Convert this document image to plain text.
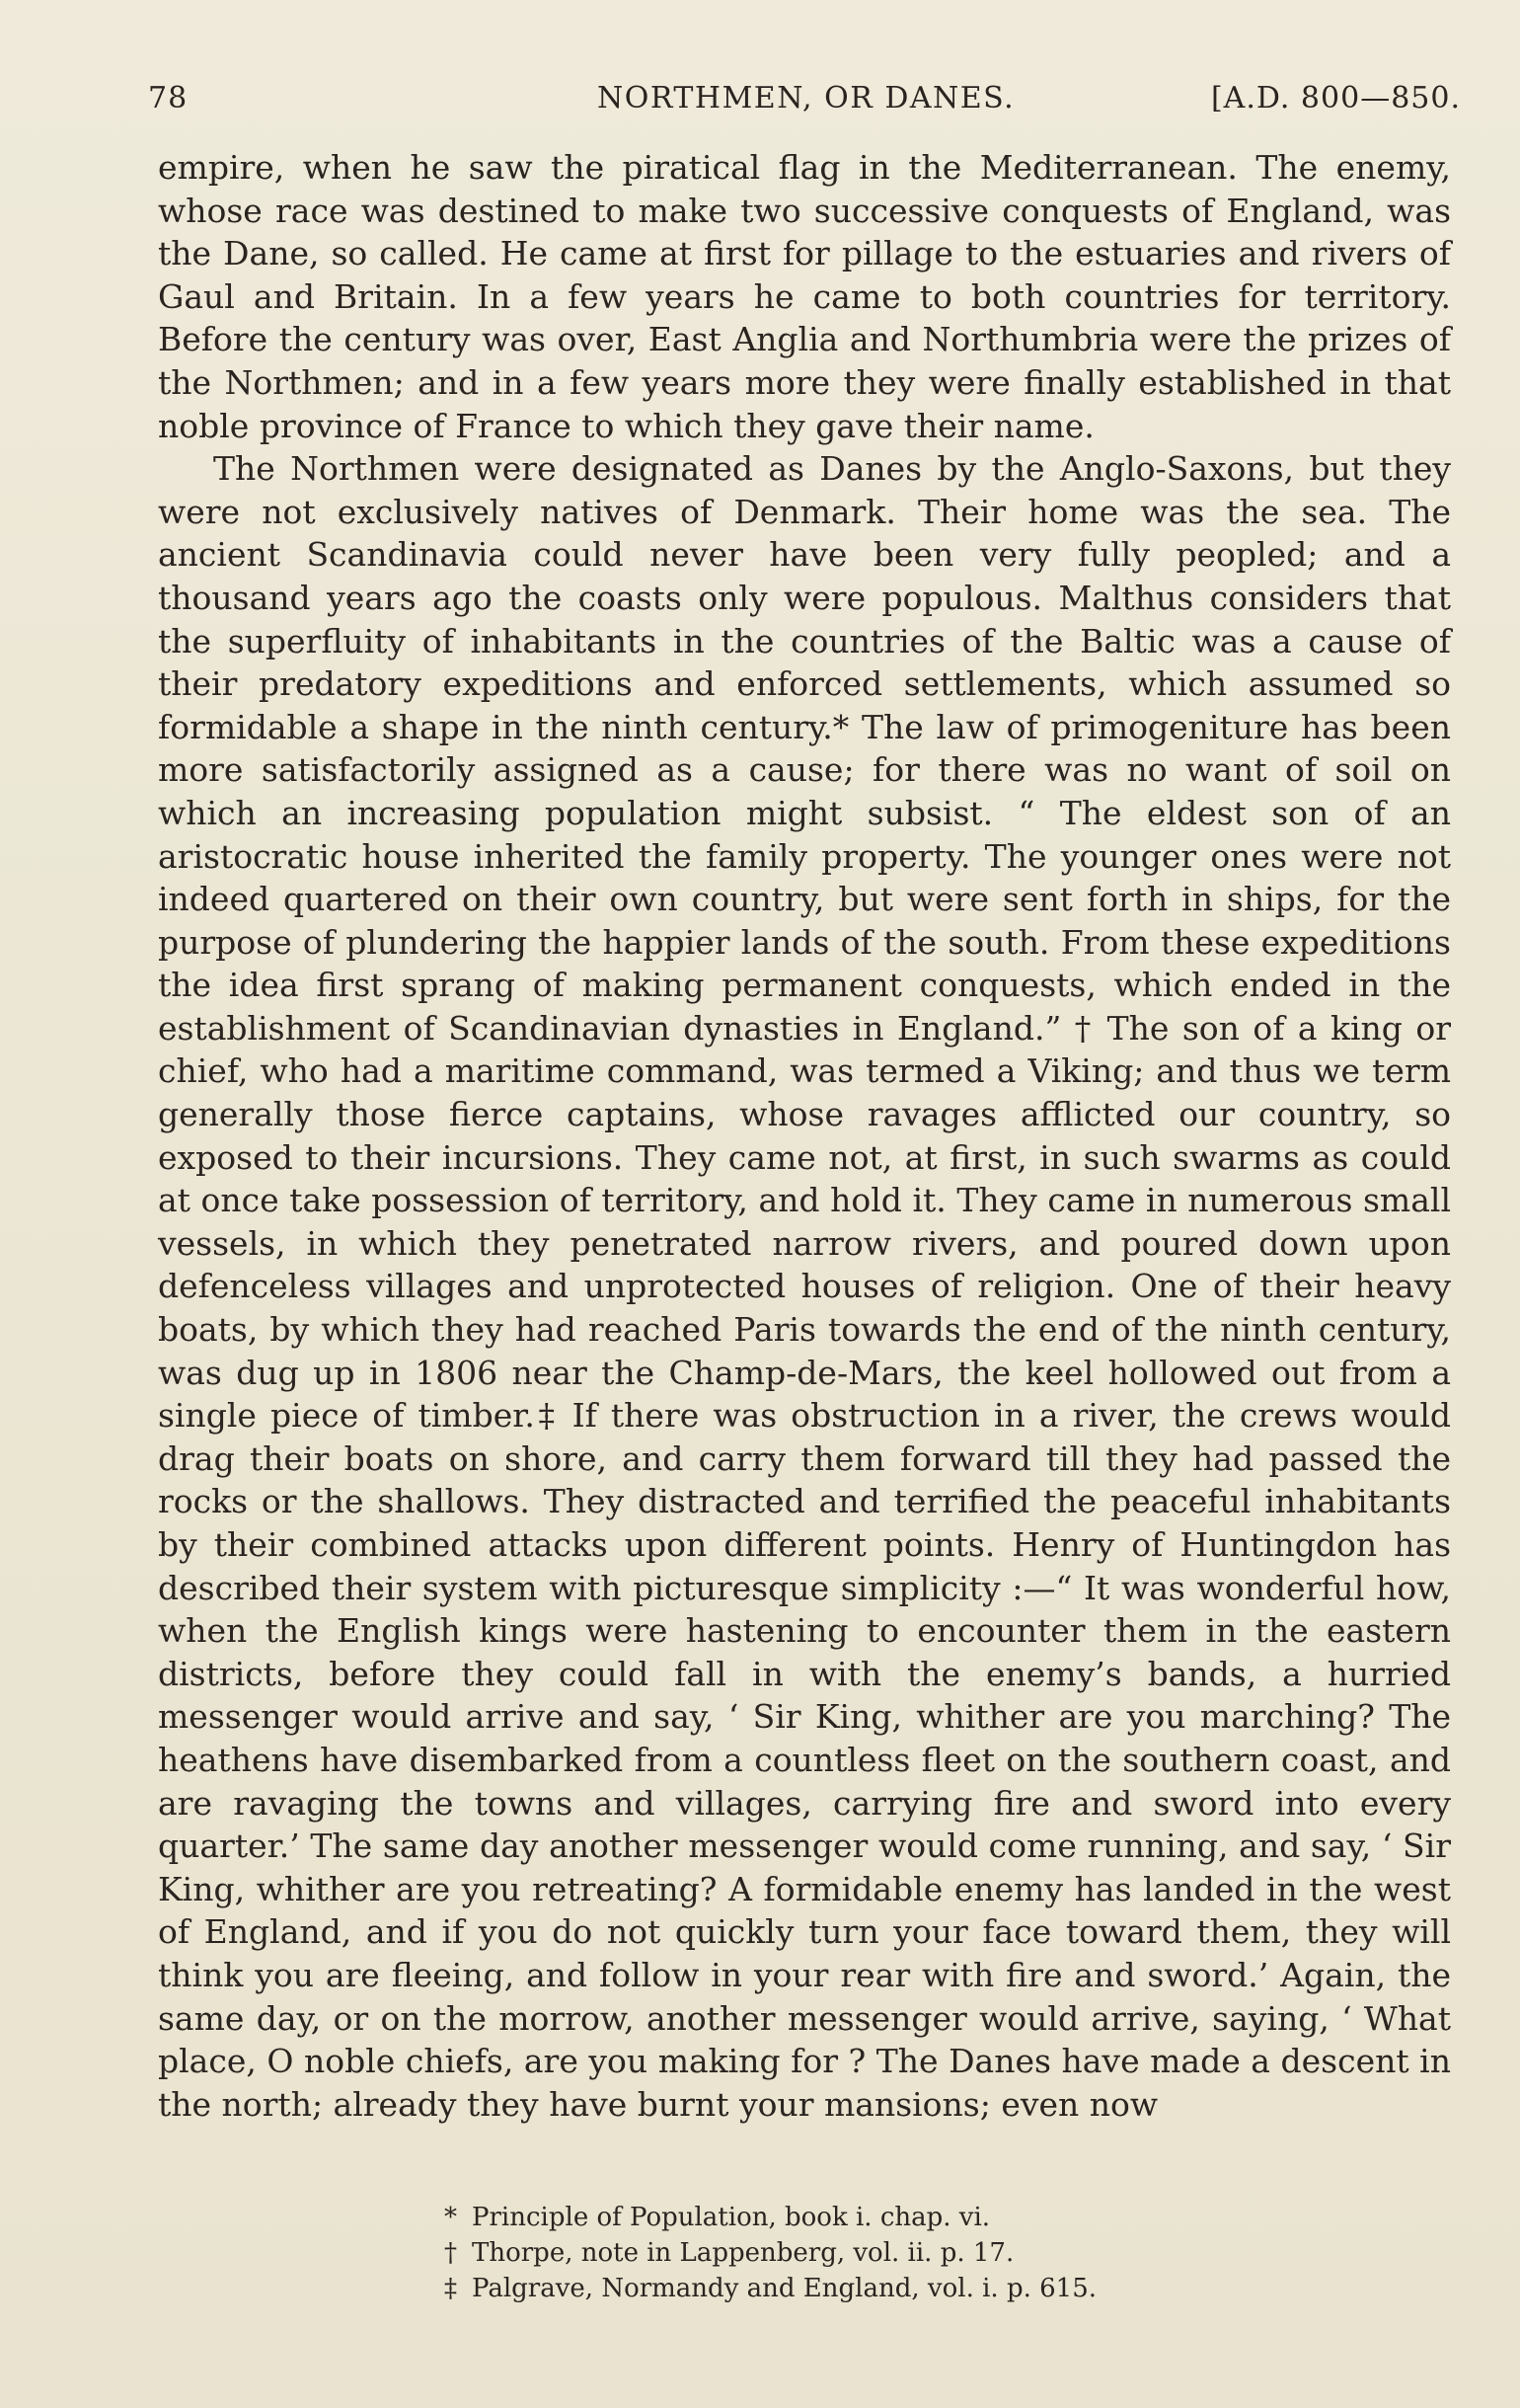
78	NORTHMEN, OR DANES.	[A.D. 800—850.

empire, when he saw the piratical flag in the Mediterranean. The enemy, whose race was destined to make two successive conquests of England, was the Dane, so called. He came at first for pillage to the estuaries and rivers of Gaul and Britain. In a few years he came to both countries for territory. Before the century was over, East Anglia and Northumbria were the prizes of the Northmen; and in a few years more they were finally established in that noble province of France to which they gave their name.

The Northmen were designated as Danes by the Anglo-Saxons, but they were not exclusively natives of Denmark. Their home was the sea. The ancient Scandinavia could never have been very fully peopled; and a thousand years ago the coasts only were populous. Malthus considers that the superfluity of inhabitants in the countries of the Baltic was a cause of their predatory expeditions and enforced settlements, which assumed so formidable a shape in the ninth century.* The law of primogeniture has been more satisfactorily assigned as a cause; for there was no want of soil on which an increasing population might subsist. “ The eldest son of an aristocratic house inherited the family property. The younger ones were not indeed quartered on their own country, but were sent forth in ships, for the purpose of plundering the happier lands of the south. From these expeditions the idea first sprang of making permanent conquests, which ended in the establishment of Scandinavian dynasties in England.” † The son of a king or chief, who had a maritime command, was termed a Viking; and thus we term generally those fierce captains, whose ravages afflicted our country, so exposed to their incursions. They came not, at first, in such swarms as could at once take possession of territory, and hold it. They came in numerous small vessels, in which they penetrated narrow rivers, and poured down upon defenceless villages and unprotected houses of religion. One of their heavy boats, by which they had reached Paris towards the end of the ninth century, was dug up in 1806 near the Champ-de-Mars, the keel hollowed out from a single piece of timber.‡ If there was obstruction in a river, the crews would drag their boats on shore, and carry them forward till they had passed the rocks or the shallows. They distracted and terrified the peaceful inhabitants by their combined attacks upon different points. Henry of Huntingdon has described their system with picturesque simplicity :—“ It was wonderful how, when the English kings were hastening to encounter them in the eastern districts, before they could fall in with the enemy’s bands, a hurried messenger would arrive and say, ‘ Sir King, whither are you marching? The heathens have disembarked from a countless fleet on the southern coast, and are ravaging the towns and villages, carrying fire and sword into every quarter.’ The same day another messenger would come running, and say, ‘ Sir King, whither are you retreating? A formidable enemy has landed in the west of England, and if you do not quickly turn your face toward them, they will think you are fleeing, and follow in your rear with fire and sword.’ Again, the same day, or on the morrow, another messenger would arrive, saying, ‘ What place, O noble chiefs, are you making for ? The Danes have made a descent in the north; already they have burnt your mansions; even now

* Principle of Population, book i. chap. vi.
† Thorpe, note in Lappenberg, vol. ii. p. 17.
‡ Palgrave, Normandy and England, vol. i. p. 615.
